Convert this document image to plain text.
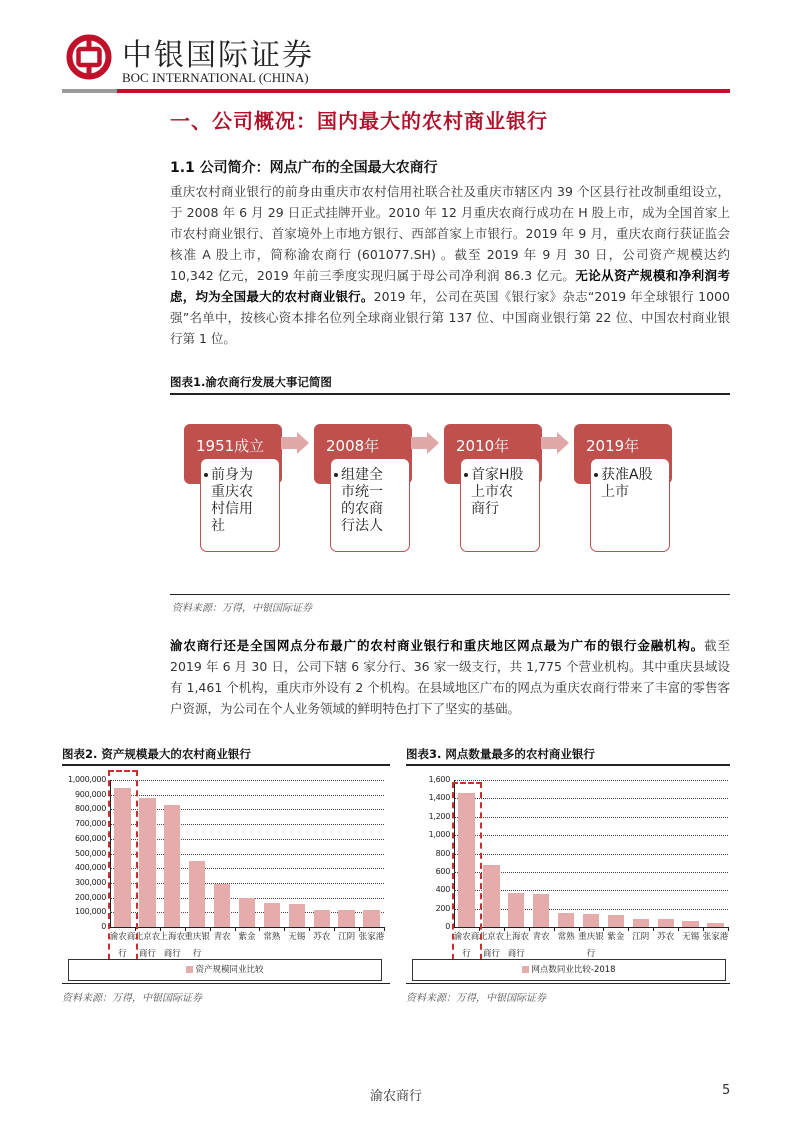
中银国际证券
BOC INTERNATIONAL (CHINA)
一、公司概况：国内最大的农村商业银行
1.1 公司简介：网点广布的全国最大农商行
重庆农村商业银行的前身由重庆市农村信用社联合社及重庆市辖区内 39 个区县行社改制重组设立，于 2008 年 6 月 29 日正式挂牌开业。2010 年 12 月重庆农商行成功在 H 股上市，成为全国首家上市农村商业银行、首家境外上市地方银行、西部首家上市银行。2019 年 9 月，重庆农商行获证监会核准 A 股上市，简称渝农商行 (601077.SH) 。截至 2019 年 9 月 30 日，公司资产规模达约 10,342 亿元，2019 年前三季度实现归属于母公司净利润 86.3 亿元。无论从资产规模和净利润考虑，均为全国最大的农村商业银行。2019 年，公司在英国《银行家》杂志“2019 年全球银行 1000 强”名单中，按核心资本排名位列全球商业银行第 137 位、中国商业银行第 22 位、中国农村商业银行第 1 位。
图表1.渝农商行发展大事记简图
1951成立
前身为
重庆农
村信用
社
2008年
组建全
市统一
的农商
行法人
2010年
首家H股
上市农
商行
2019年
获准A股
上市
资料来源：万得，中银国际证券
渝农商行还是全国网点分布最广的农村商业银行和重庆地区网点最为广布的银行金融机构。截至 2019 年 6 月 30 日，公司下辖 6 家分行、36 家一级支行，共 1,775 个营业机构。其中重庆县域设有 1,461 个机构，重庆市外设有 2 个机构。在县域地区广布的网点为重庆农商行带来了丰富的零售客户资源，为公司在个人业务领域的鲜明特色打下了坚实的基础。
图表2. 资产规模最大的农村商业银行
0
100,000
200,000
300,000
400,000
500,000
600,000
700,000
800,000
900,000
1,000,000
渝农商
行
北京农
商行
上海农
商行
重庆银
行
青农
紫金
常熟
无锡
苏农
江阴
张家港

资产规模同业比较
资料来源：万得，中银国际证券
图表3. 网点数量最多的农村商业银行
0
200
400
600
800
1,000
1,200
1,400
1,600
渝农商
行
北京农
商行
上海农
商行
青农
常熟
重庆银
行
紫金
江阴
苏农
无锡
张家港

网点数同业比较-2018
资料来源：万得，中银国际证券
渝农商行	5
